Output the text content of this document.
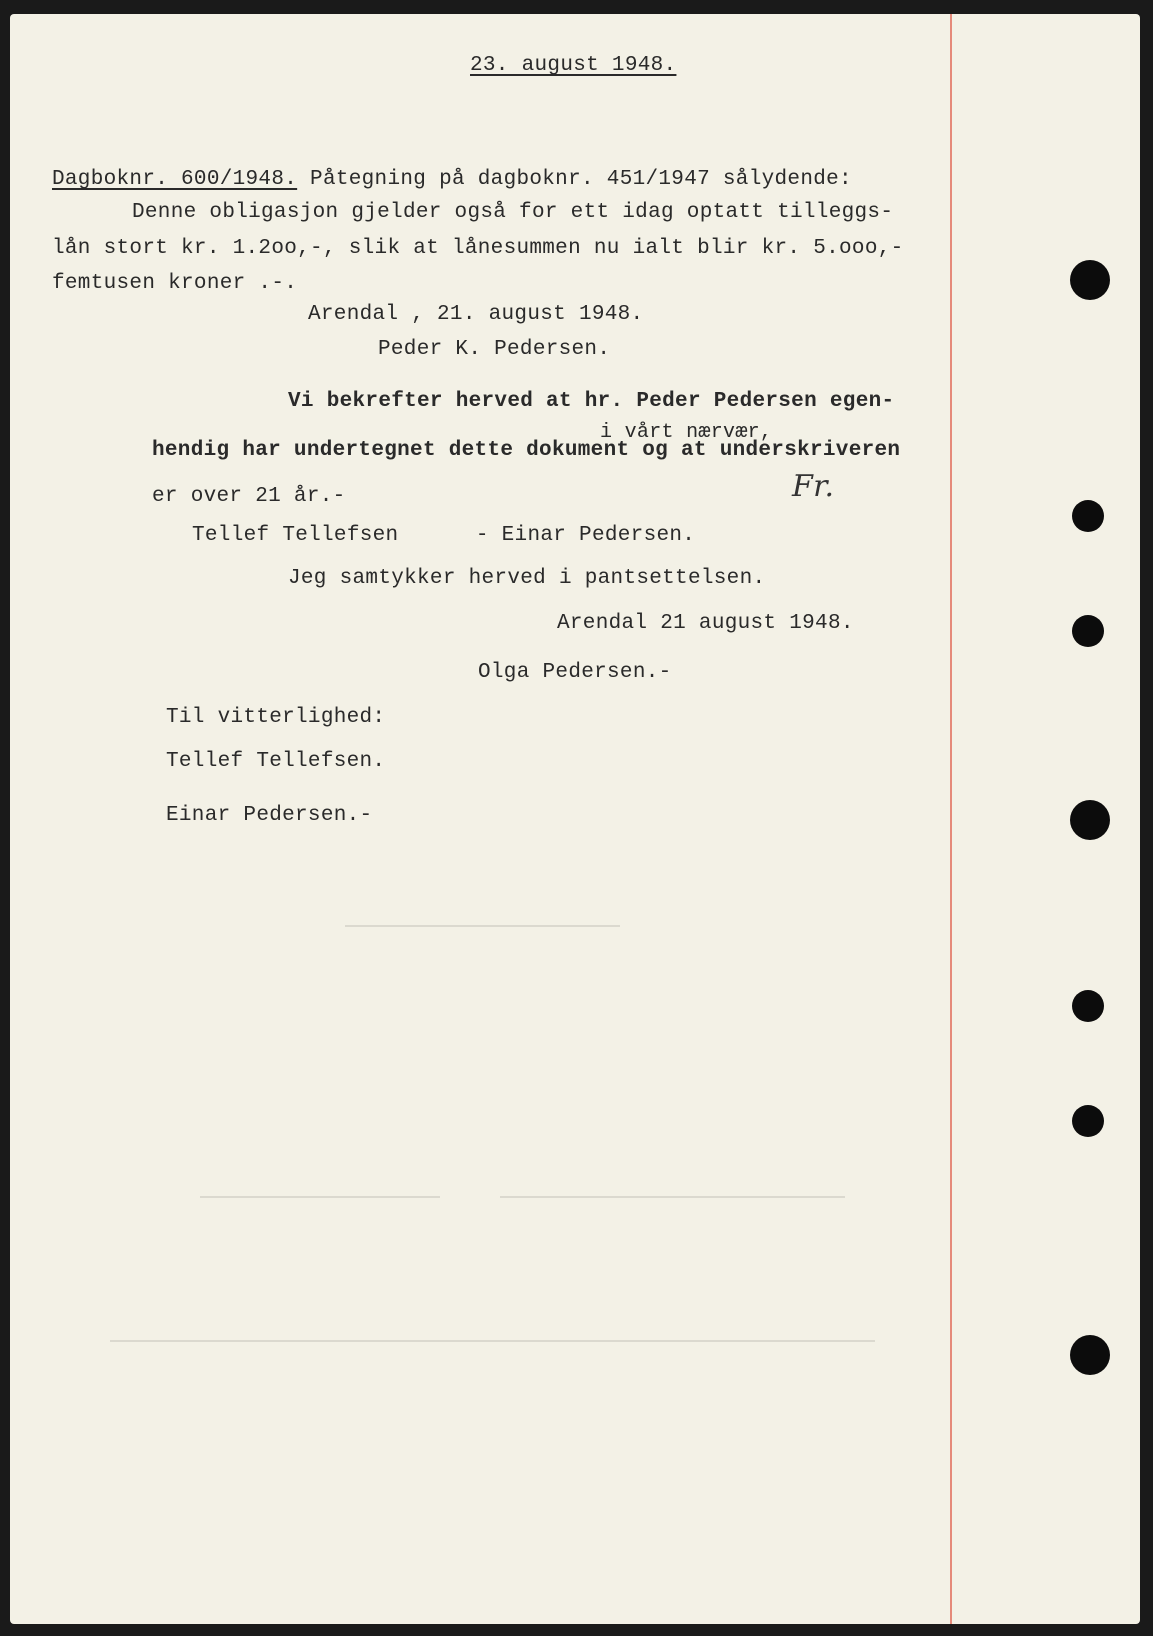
23. august 1948.
Dagboknr. 600/1948. Påtegning på dagboknr. 451/1947 sålydende:
Denne obligasjon gjelder også for ett idag optatt tilleggs-
lån stort kr. 1.2oo,-, slik at lånesummen nu ialt blir kr. 5.ooo,-
femtusen kroner .-.
Arendal , 21. august 1948.
Peder K. Pedersen.
Vi bekrefter herved at hr. Peder Pedersen egen-
i vårt nærvær,
hendig har undertegnet dette dokument og at underskriveren
Fr.
er over 21 år.-
Tellef Tellefsen      - Einar Pedersen.
Jeg samtykker herved i pantsettelsen.
Arendal 21 august 1948.
Olga Pedersen.-
Til vitterlighed:
Tellef Tellefsen.
Einar Pedersen.-
